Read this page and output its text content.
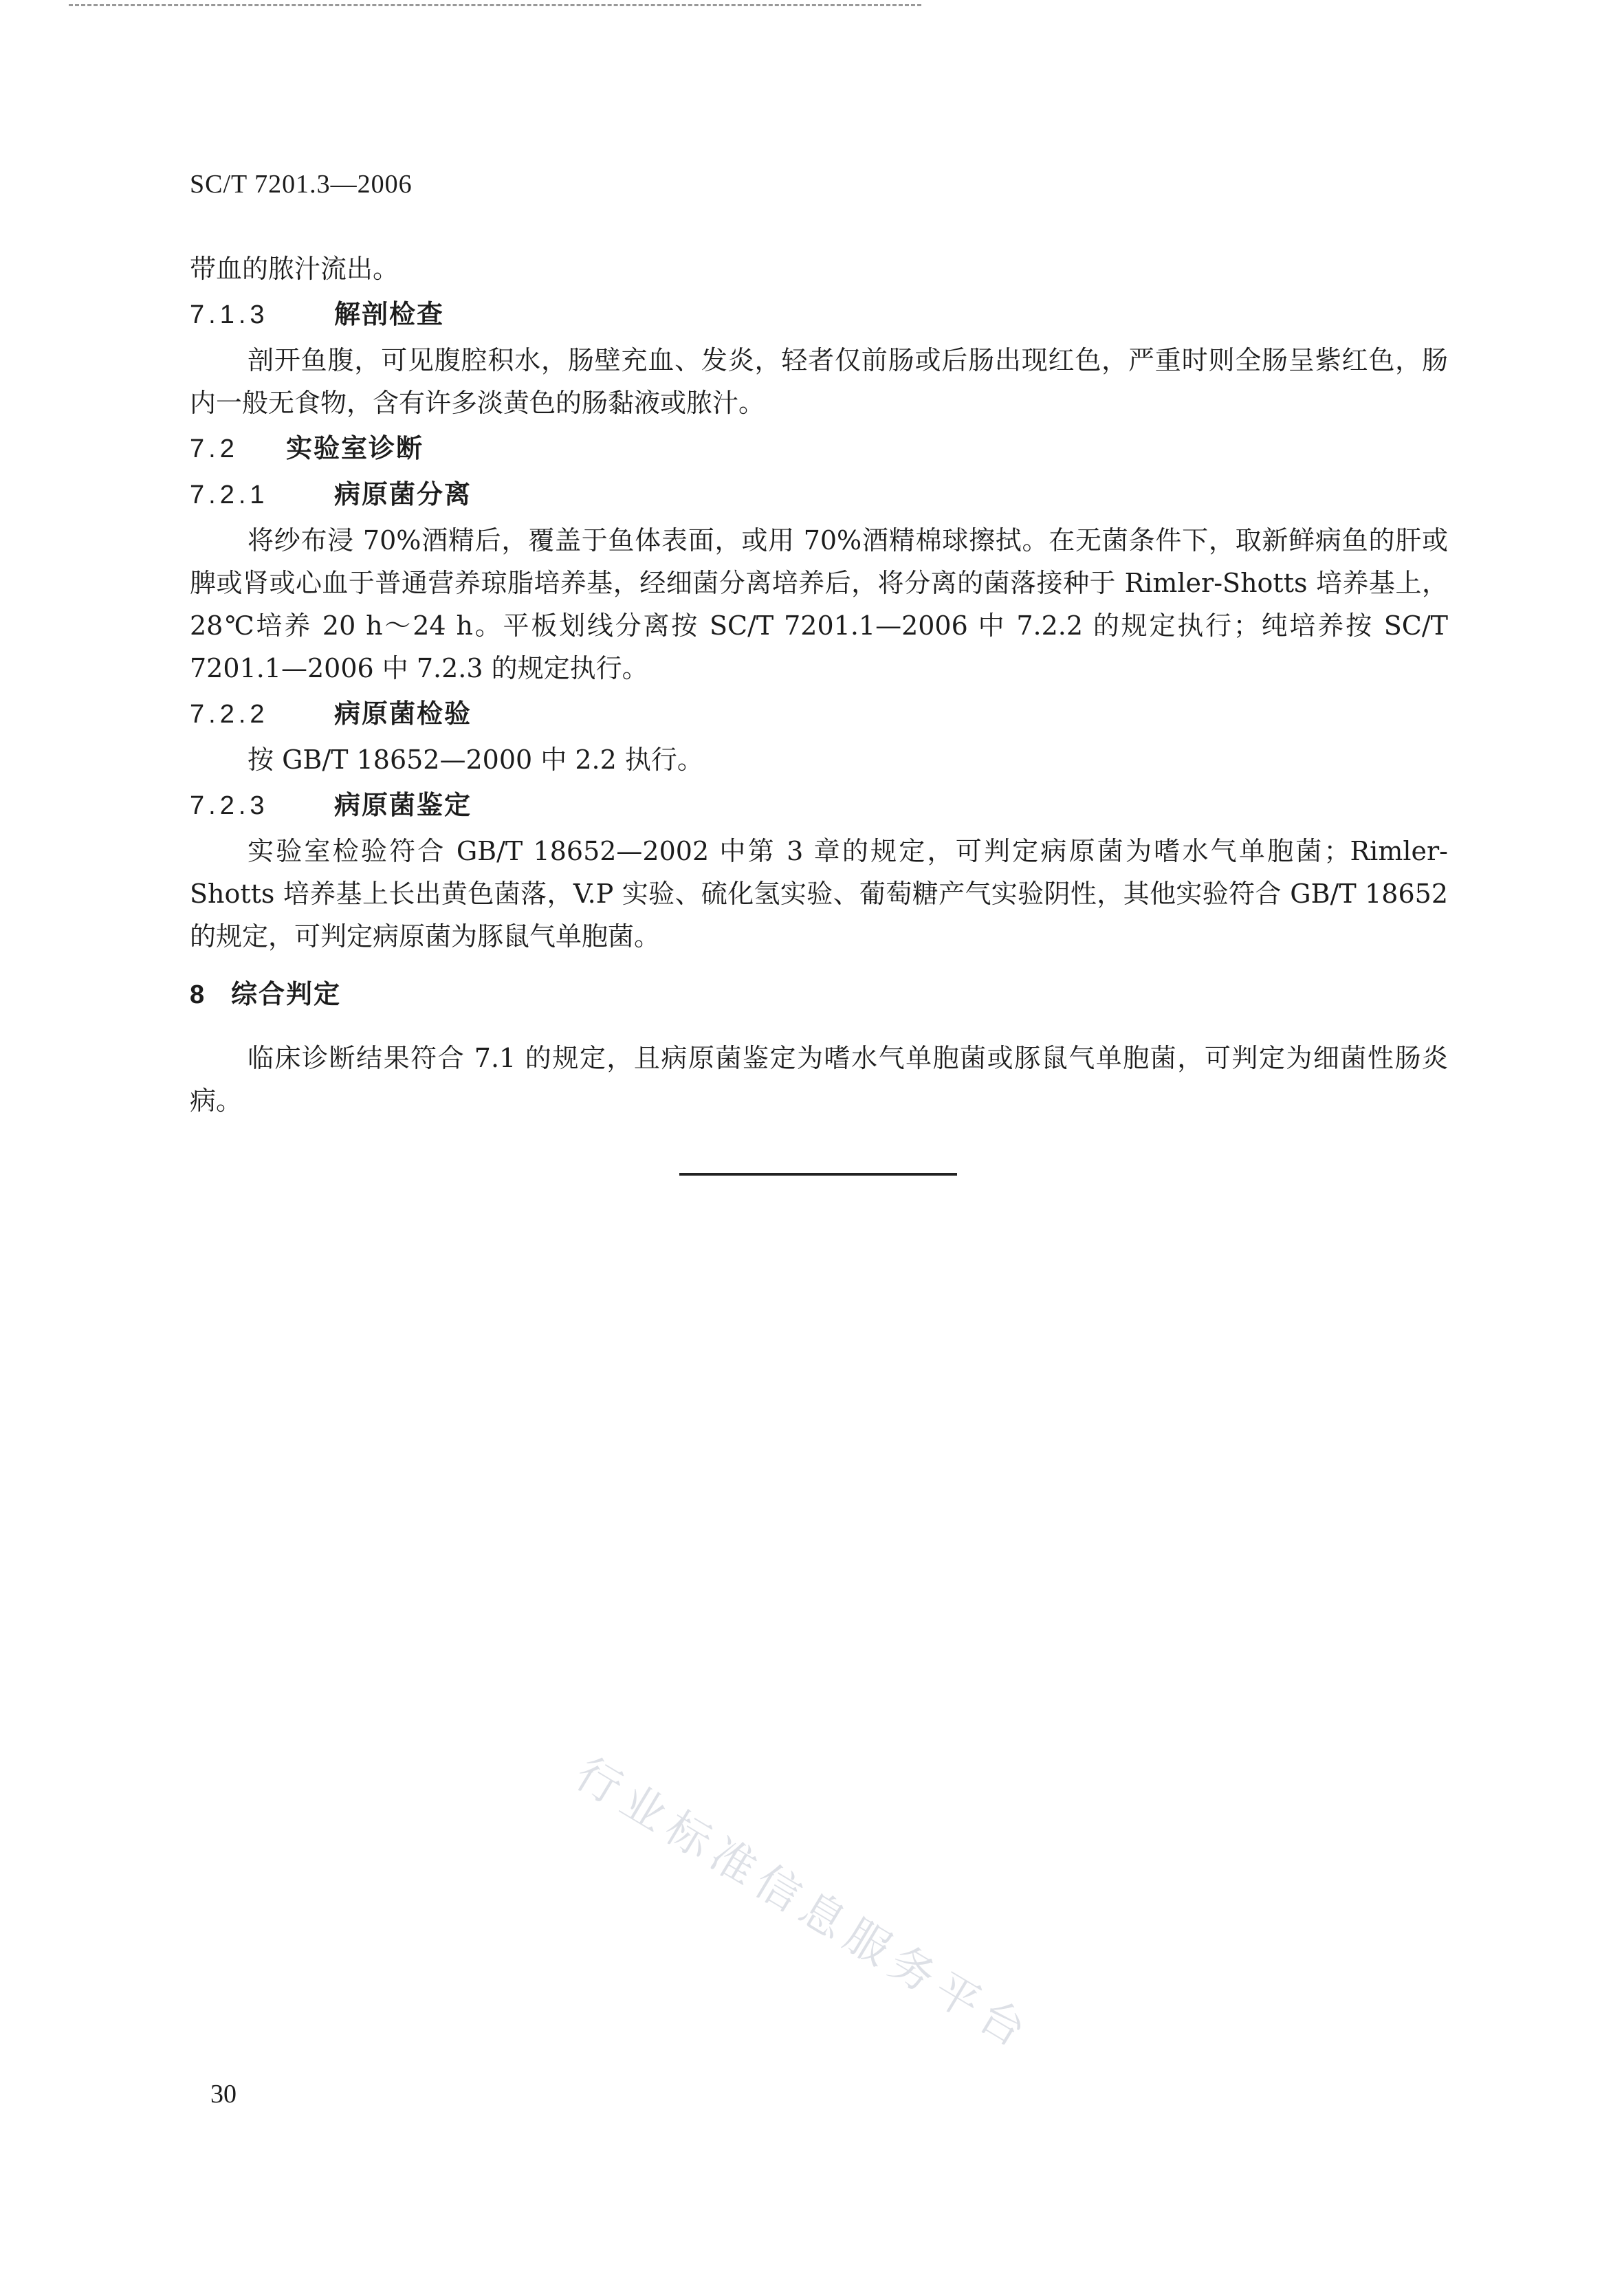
SC/T 7201.3—2006

带血的脓汁流出。

7.1.3	解剖检查

剖开鱼腹，可见腹腔积水，肠壁充血、发炎，轻者仅前肠或后肠出现红色，严重时则全肠呈紫红色，肠内一般无食物，含有许多淡黄色的肠黏液或脓汁。

7.2 实验室诊断
7.2.1	病原菌分离

将纱布浸 70%酒精后，覆盖于鱼体表面，或用 70%酒精棉球擦拭。在无菌条件下，取新鲜病鱼的肝或脾或肾或心血于普通营养琼脂培养基，经细菌分离培养后，将分离的菌落接种于 Rimler-Shotts 培养基上，28℃培养 20 h～24 h。平板划线分离按 SC/T 7201.1—2006 中 7.2.2 的规定执行；纯培养按 SC/T 7201.1—2006 中 7.2.3 的规定执行。

7.2.2	病原菌检验

按 GB/T 18652—2000 中 2.2 执行。

7.2.3	病原菌鉴定

实验室检验符合 GB/T 18652—2002 中第 3 章的规定，可判定病原菌为嗜水气单胞菌；Rimler-Shotts 培养基上长出黄色菌落，V.P 实验、硫化氢实验、葡萄糖产气实验阴性，其他实验符合 GB/T 18652 的规定，可判定病原菌为豚鼠气单胞菌。

8 综合判定

临床诊断结果符合 7.1 的规定，且病原菌鉴定为嗜水气单胞菌或豚鼠气单胞菌，可判定为细菌性肠炎病。

行业标准信息服务平台
30
